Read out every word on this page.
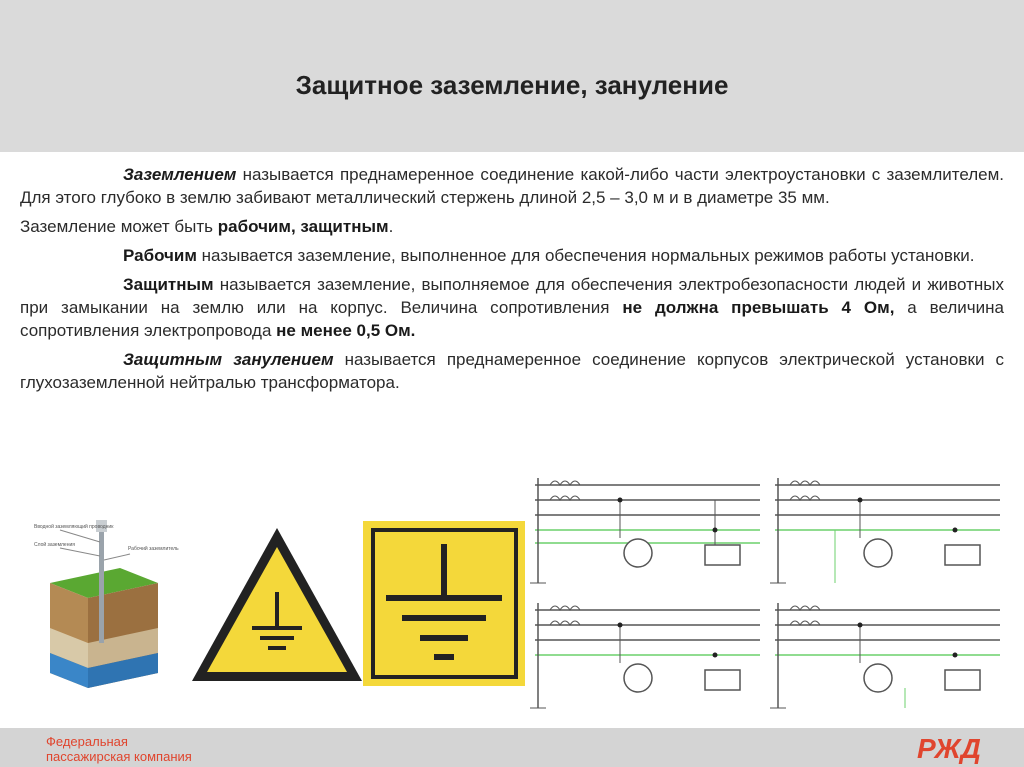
Защитное заземление, зануление

Заземлением называется преднамеренное соединение какой-либо части электроустановки с заземлителем. Для этого глубоко в землю забивают металлический стержень длиной 2,5 – 3,0 м и в диаметре 35 мм.

Заземление может быть рабочим, защитным.

Рабочим называется заземление, выполненное для обеспечения нормальных режимов работы установки.

Защитным называется заземление, выполняемое для обеспечения электробезопасности людей и животных при замыкании на землю или на корпус. Величина сопротивления не должна превышать 4 Ом, а величина сопротивления электропровода не менее 0,5 Ом.

Защитным занулением называется преднамеренное соединение корпусов электрической установки с глухозаземленной нейтралью трансформатора.

Вводной заземляющий проводник
Слой заземления
Рабочий заземлитель
Федеральная
пассажирская компания	РЖД
